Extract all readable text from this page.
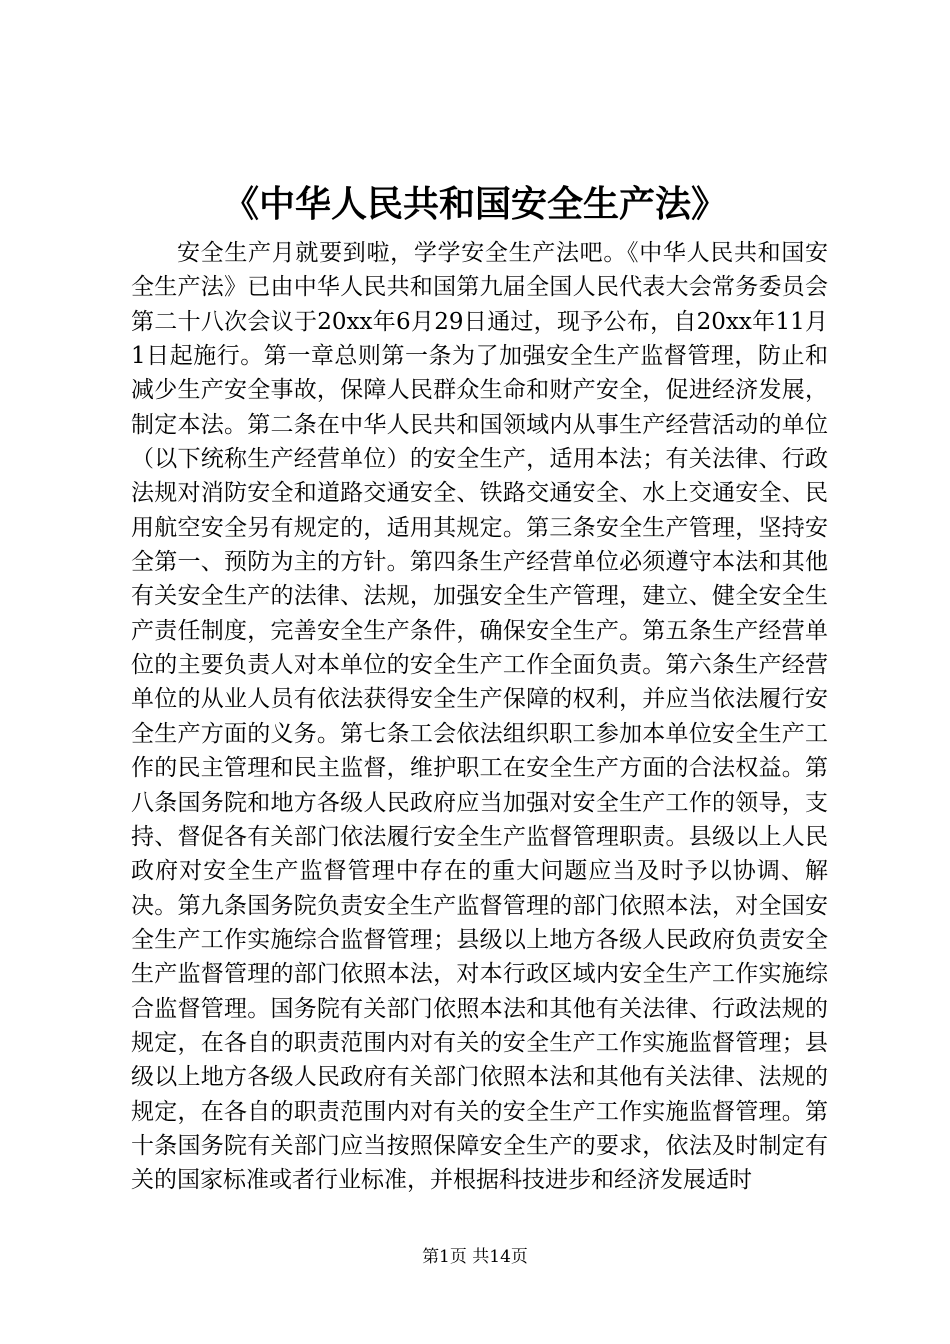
《中华人民共和国安全生产法》

安全生产月就要到啦，学学安全生产法吧。《中华人民共和国安全生产法》已由中华人民共和国第九届全国人民代表大会常务委员会第二十八次会议于20xx年6月29日通过，现予公布，自20xx年11月1日起施行。第一章总则第一条为了加强安全生产监督管理，防止和减少生产安全事故，保障人民群众生命和财产安全，促进经济发展，制定本法。第二条在中华人民共和国领域内从事生产经营活动的单位（以下统称生产经营单位）的安全生产，适用本法；有关法律、行政法规对消防安全和道路交通安全、铁路交通安全、水上交通安全、民用航空安全另有规定的，适用其规定。第三条安全生产管理，坚持安全第一、预防为主的方针。第四条生产经营单位必须遵守本法和其他有关安全生产的法律、法规，加强安全生产管理，建立、健全安全生产责任制度，完善安全生产条件，确保安全生产。第五条生产经营单位的主要负责人对本单位的安全生产工作全面负责。第六条生产经营单位的从业人员有依法获得安全生产保障的权利，并应当依法履行安全生产方面的义务。第七条工会依法组织职工参加本单位安全生产工作的民主管理和民主监督，维护职工在安全生产方面的合法权益。第八条国务院和地方各级人民政府应当加强对安全生产工作的领导，支持、督促各有关部门依法履行安全生产监督管理职责。县级以上人民政府对安全生产监督管理中存在的重大问题应当及时予以协调、解决。第九条国务院负责安全生产监督管理的部门依照本法，对全国安全生产工作实施综合监督管理；县级以上地方各级人民政府负责安全生产监督管理的部门依照本法，对本行政区域内安全生产工作实施综合监督管理。国务院有关部门依照本法和其他有关法律、行政法规的规定，在各自的职责范围内对有关的安全生产工作实施监督管理；县级以上地方各级人民政府有关部门依照本法和其他有关法律、法规的规定，在各自的职责范围内对有关的安全生产工作实施监督管理。第十条国务院有关部门应当按照保障安全生产的要求，依法及时制定有关的国家标准或者行业标准，并根据科技进步和经济发展适时

第1页 共14页
